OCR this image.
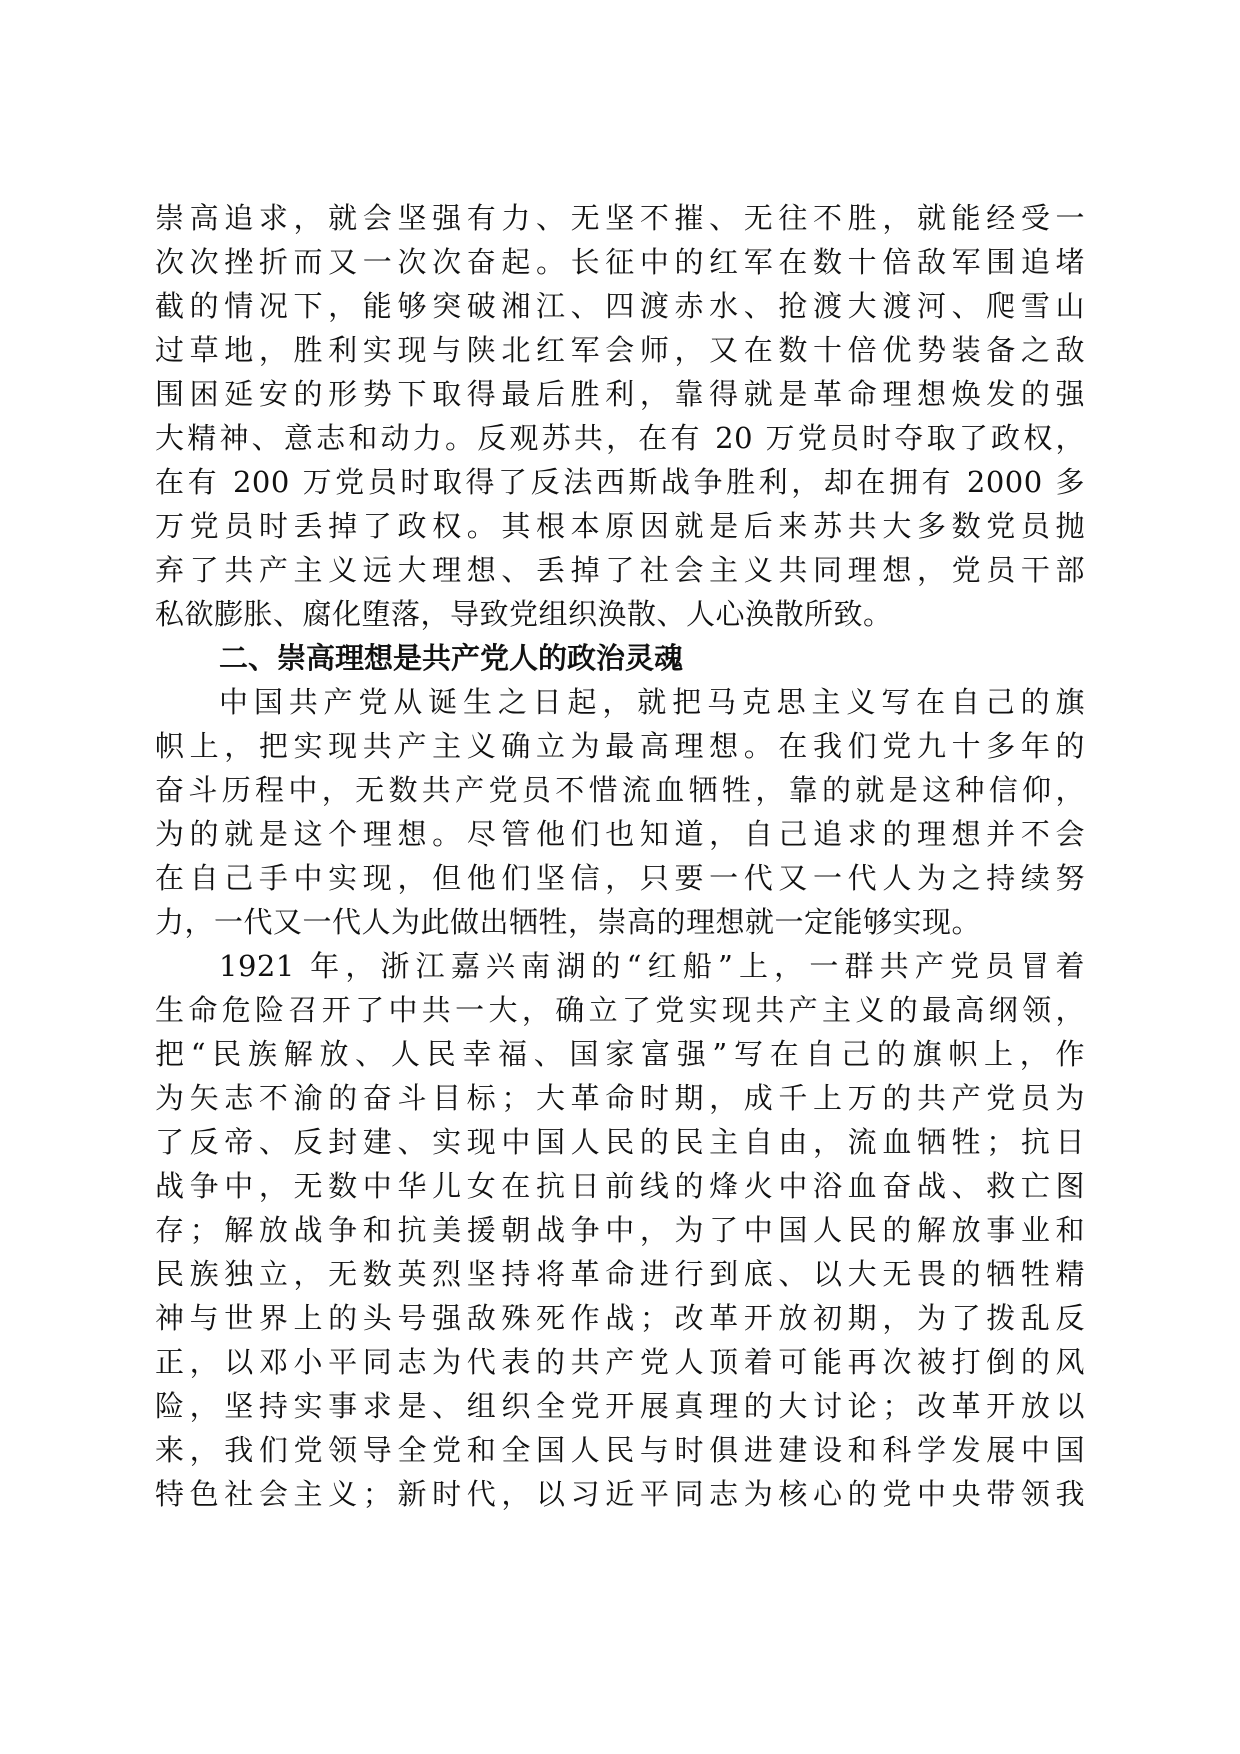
崇高追求，就会坚强有力、无坚不摧、无往不胜，就能经受一
次次挫折而又一次次奋起。长征中的红军在数十倍敌军围追堵
截的情况下，能够突破湘江、四渡赤水、抢渡大渡河、爬雪山
过草地，胜利实现与陕北红军会师，又在数十倍优势装备之敌
围困延安的形势下取得最后胜利，靠得就是革命理想焕发的强
大精神、意志和动力。反观苏共，在有 20 万党员时夺取了政权，
在有 200 万党员时取得了反法西斯战争胜利，却在拥有 2000 多
万党员时丢掉了政权。其根本原因就是后来苏共大多数党员抛
弃了共产主义远大理想、丢掉了社会主义共同理想，党员干部
私欲膨胀、腐化堕落，导致党组织涣散、人心涣散所致。
二、崇高理想是共产党人的政治灵魂
中国共产党从诞生之日起，就把马克思主义写在自己的旗
帜上，把实现共产主义确立为最高理想。在我们党九十多年的
奋斗历程中，无数共产党员不惜流血牺牲，靠的就是这种信仰，
为的就是这个理想。尽管他们也知道，自己追求的理想并不会
在自己手中实现，但他们坚信，只要一代又一代人为之持续努
力，一代又一代人为此做出牺牲，崇高的理想就一定能够实现。
1921 年，浙江嘉兴南湖的“红船”上，一群共产党员冒着
生命危险召开了中共一大，确立了党实现共产主义的最高纲领，
把“民族解放、人民幸福、国家富强”写在自己的旗帜上，作
为矢志不渝的奋斗目标；大革命时期，成千上万的共产党员为
了反帝、反封建、实现中国人民的民主自由，流血牺牲；抗日
战争中，无数中华儿女在抗日前线的烽火中浴血奋战、救亡图
存；解放战争和抗美援朝战争中，为了中国人民的解放事业和
民族独立，无数英烈坚持将革命进行到底、以大无畏的牺牲精
神与世界上的头号强敌殊死作战；改革开放初期，为了拨乱反
正，以邓小平同志为代表的共产党人顶着可能再次被打倒的风
险，坚持实事求是、组织全党开展真理的大讨论；改革开放以
来，我们党领导全党和全国人民与时俱进建设和科学发展中国
特色社会主义；新时代，以习近平同志为核心的党中央带领我
